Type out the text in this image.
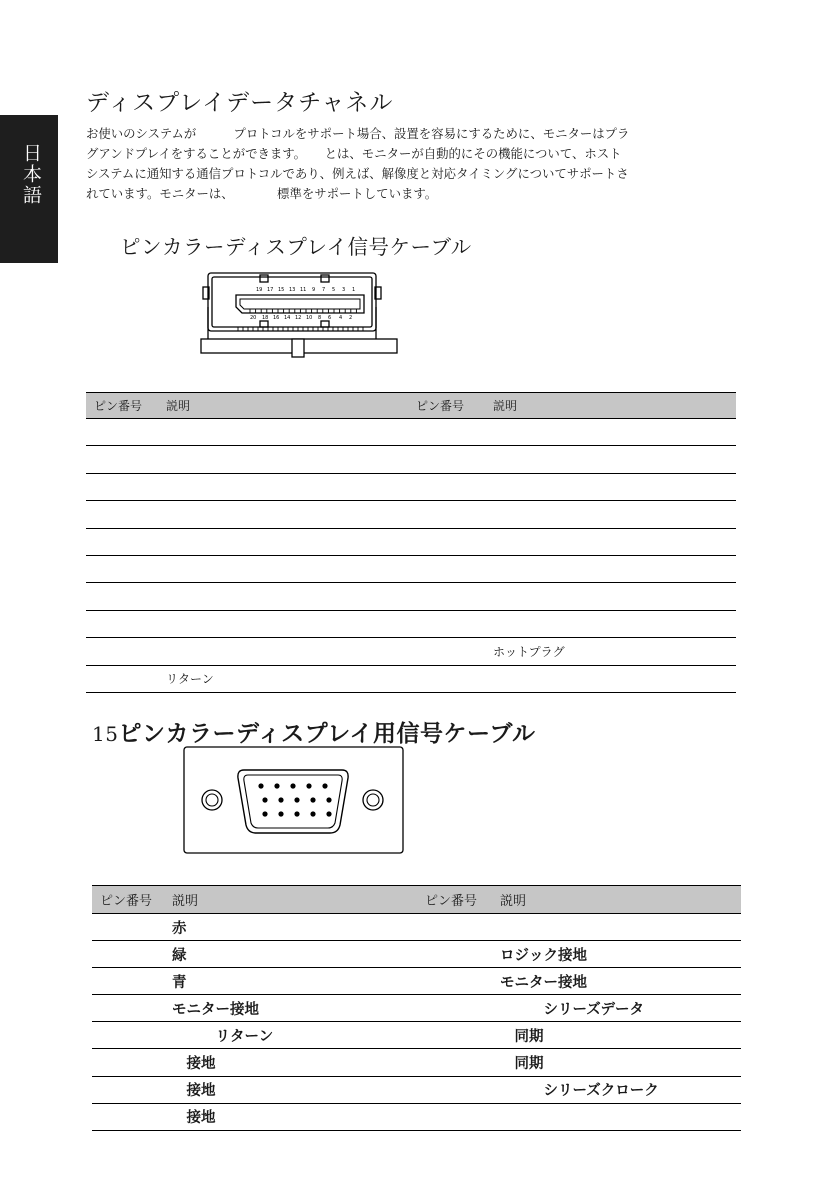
日本語
ディスプレイデータチャネル

お使いのシステムが　　　プロトコルをサポート場合、設置を容易にするために、モニターはプラ

グアンドプレイをすることができます。　　とは、モニターが自動的にその機能について、ホスト

システムに通知する通信プロトコルであり、例えば、解像度と対応タイミングについてサポートさ

れています。モニターは、　　　　標準をサポートしています。

ピンカラーディスプレイ信号ケーブル
19 17 15 13 11 9 7 5 3 1
20 18 16 14 12 10 8 6 4 2
ピン番号	説明	ピン番号	説明

			ホットプラグ
	リターン		
15ピンカラーディスプレイ用信号ケーブル
ピン番号	説明	ピン番号	説明
	赤		
	緑		ロジック接地
	青		モニター接地
	モニター接地		　　　シリーズデータ
	　　　リターン		　同期
	　接地		　同期
	　接地		　　　シリーズクローク
	　接地		
